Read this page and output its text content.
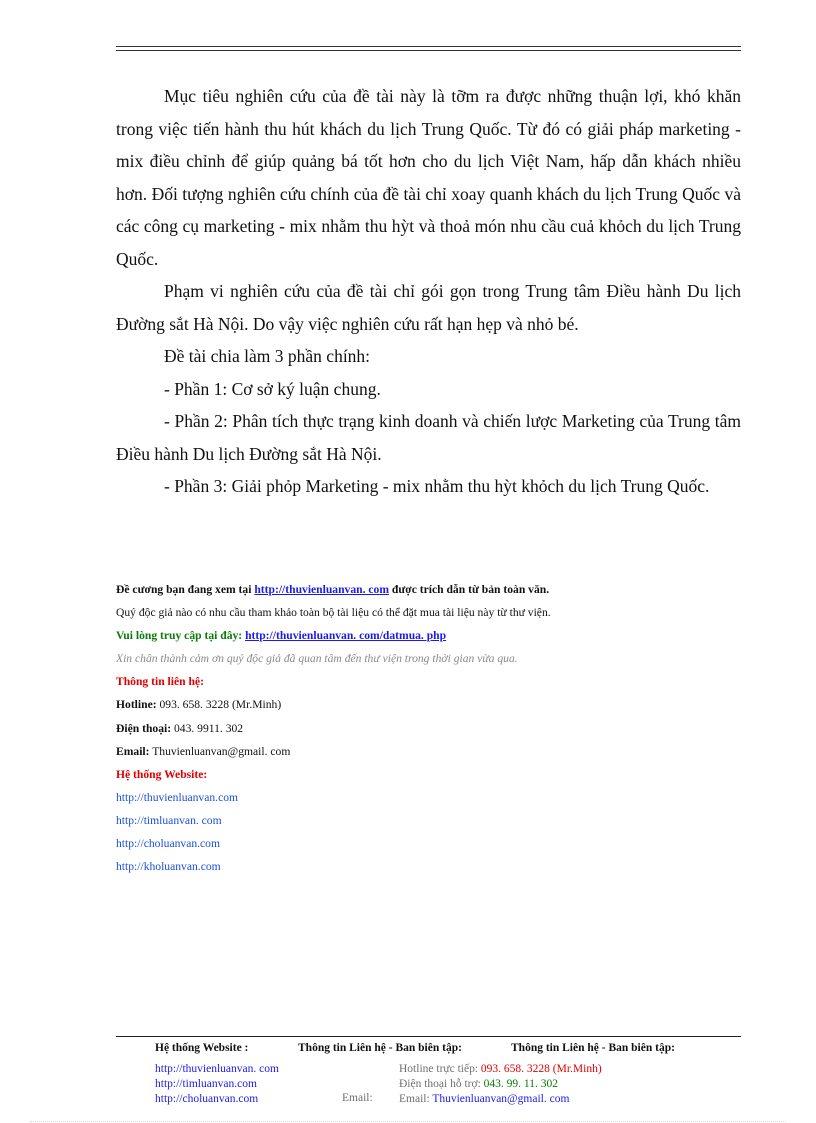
Mục tiêu nghiên cứu của đề tài này là tỡm ra được những thuận lợi, khó khăn trong việc tiến hành thu hút khách du lịch Trung Quốc. Từ đó có giải pháp marketing - mix điều chỉnh để giúp quảng bá tốt hơn cho du lịch Việt Nam, hấp dẫn khách nhiều hơn. Đối tượng nghiên cứu chính của đề tài chỉ xoay quanh khách du lịch Trung Quốc và các công cụ marketing - mix nhằm thu hỳt và thoả món nhu cầu cuả khỏch du lịch Trung Quốc.

Phạm vi nghiên cứu của đề tài chỉ gói gọn trong Trung tâm Điều hành Du lịch Đường sắt Hà Nội. Do vậy việc nghiên cứu rất hạn hẹp và nhỏ bé.

Đề tài chia làm 3 phần chính:

- Phần 1: Cơ sở ký luận chung.

- Phần 2: Phân tích thực trạng kinh doanh và chiến lược Marketing của Trung tâm Điều hành Du lịch Đường sắt Hà Nội.

- Phần 3: Giải phỏp Marketing - mix nhằm thu hỳt khỏch du lịch Trung Quốc.

Đề cương bạn đang xem tại http://thuvienluanvan. com được trích dẫn từ bản toàn văn.
Quý độc giả nào có nhu cầu tham khảo toàn bộ tài liệu có thể đặt mua tài liệu này từ thư viện.
Vui lòng truy cập tại đây: http://thuvienluanvan. com/datmua. php
Xin chân thành cảm ơn quý độc giả đã quan tâm đến thư viện trong thời gian vừa qua.
Thông tin liên hệ:
Hotline: 093. 658. 3228 (Mr.Minh)
Điện thoại: 043. 9911. 302
Email: Thuvienluanvan@gmail. com
Hệ thống Website:
http://thuvienluanvan.com
http://timluanvan. com
http://choluanvan.com
http://kholuanvan.com
Hệ thống Website :
http://thuvienluanvan. com
http://timluanvan.com
http://choluanvan.com
Thông tin Liên hệ - Ban biên tập:
Email:
Thông tin Liên hệ - Ban biên tập:
Hotline trực tiếp: 093. 658. 3228 (Mr.Minh)
Điện thoại hỗ trợ: 043. 99. 11. 302
Email: Thuvienluanvan@gmail. com
